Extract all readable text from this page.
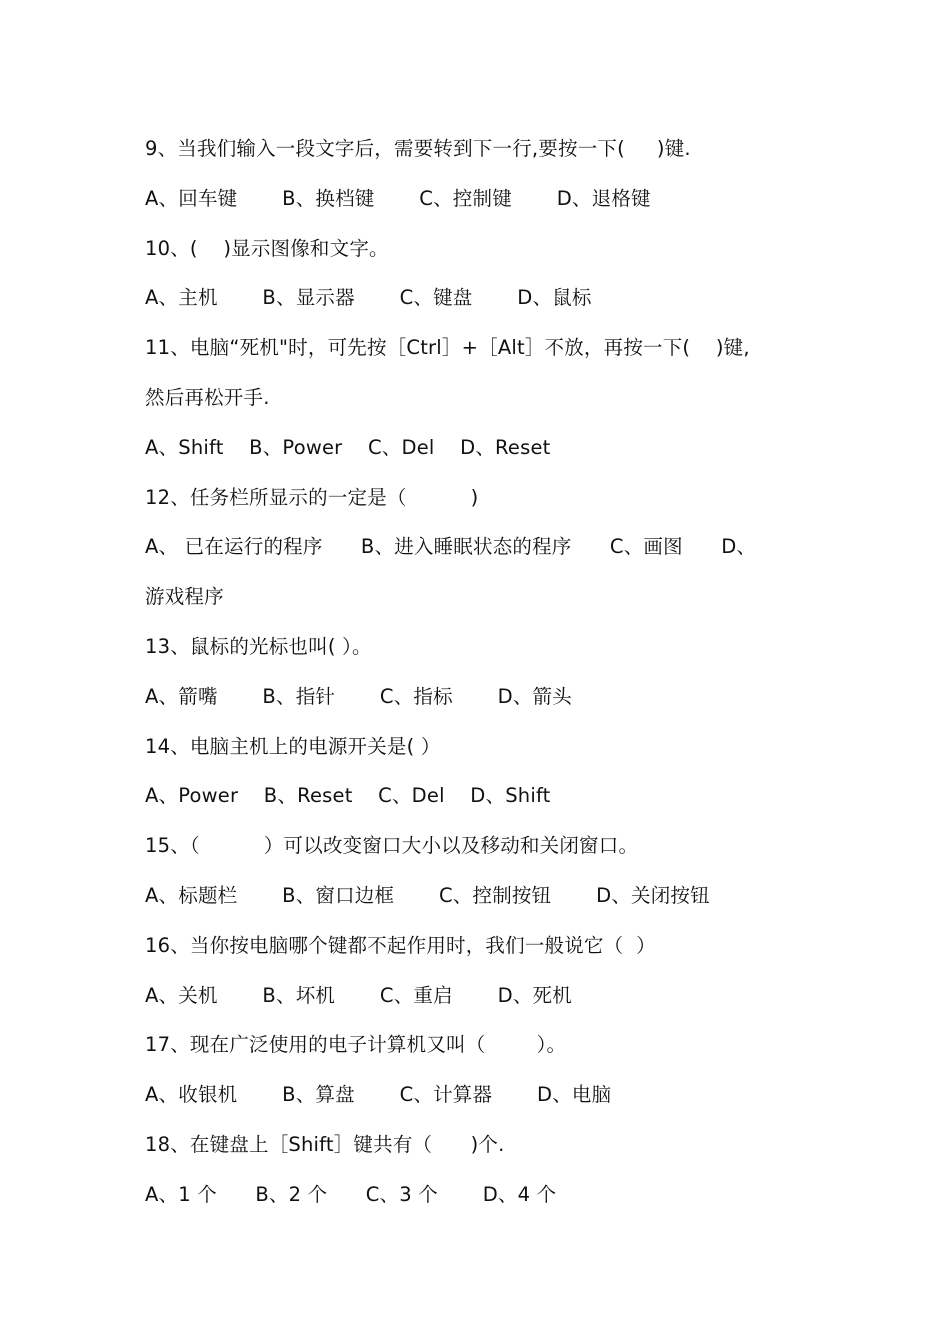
9、当我们输入一段文字后，需要转到下一行,要按一下(     )键.
A、回车键       B、换档键       C、控制键       D、退格键
10、(    )显示图像和文字。
A、主机       B、显示器       C、键盘       D、鼠标
11、电脑“死机"时，可先按［Ctrl］+［Alt］不放，再按一下(    )键,
然后再松开手.
A、Shift    B、Power    C、Del    D、Reset
12、任务栏所显示的一定是（          )
A、 已在运行的程序      B、进入睡眠状态的程序      C、画图      D、
游戏程序
13、鼠标的光标也叫( ）。
A、箭嘴       B、指针       C、指标       D、箭头
14、电脑主机上的电源开关是( ）
A、Power    B、Reset    C、Del    D、Shift
15、（          ）可以改变窗口大小以及移动和关闭窗口。
A、标题栏       B、窗口边框       C、控制按钮       D、关闭按钮
16、当你按电脑哪个键都不起作用时，我们一般说它（  ）
A、关机       B、坏机       C、重启       D、死机
17、现在广泛使用的电子计算机又叫（        ）。
A、收银机       B、算盘       C、计算器       D、电脑
18、在键盘上［Shift］键共有（      )个.
A、1 个      B、2 个      C、3 个       D、4 个
